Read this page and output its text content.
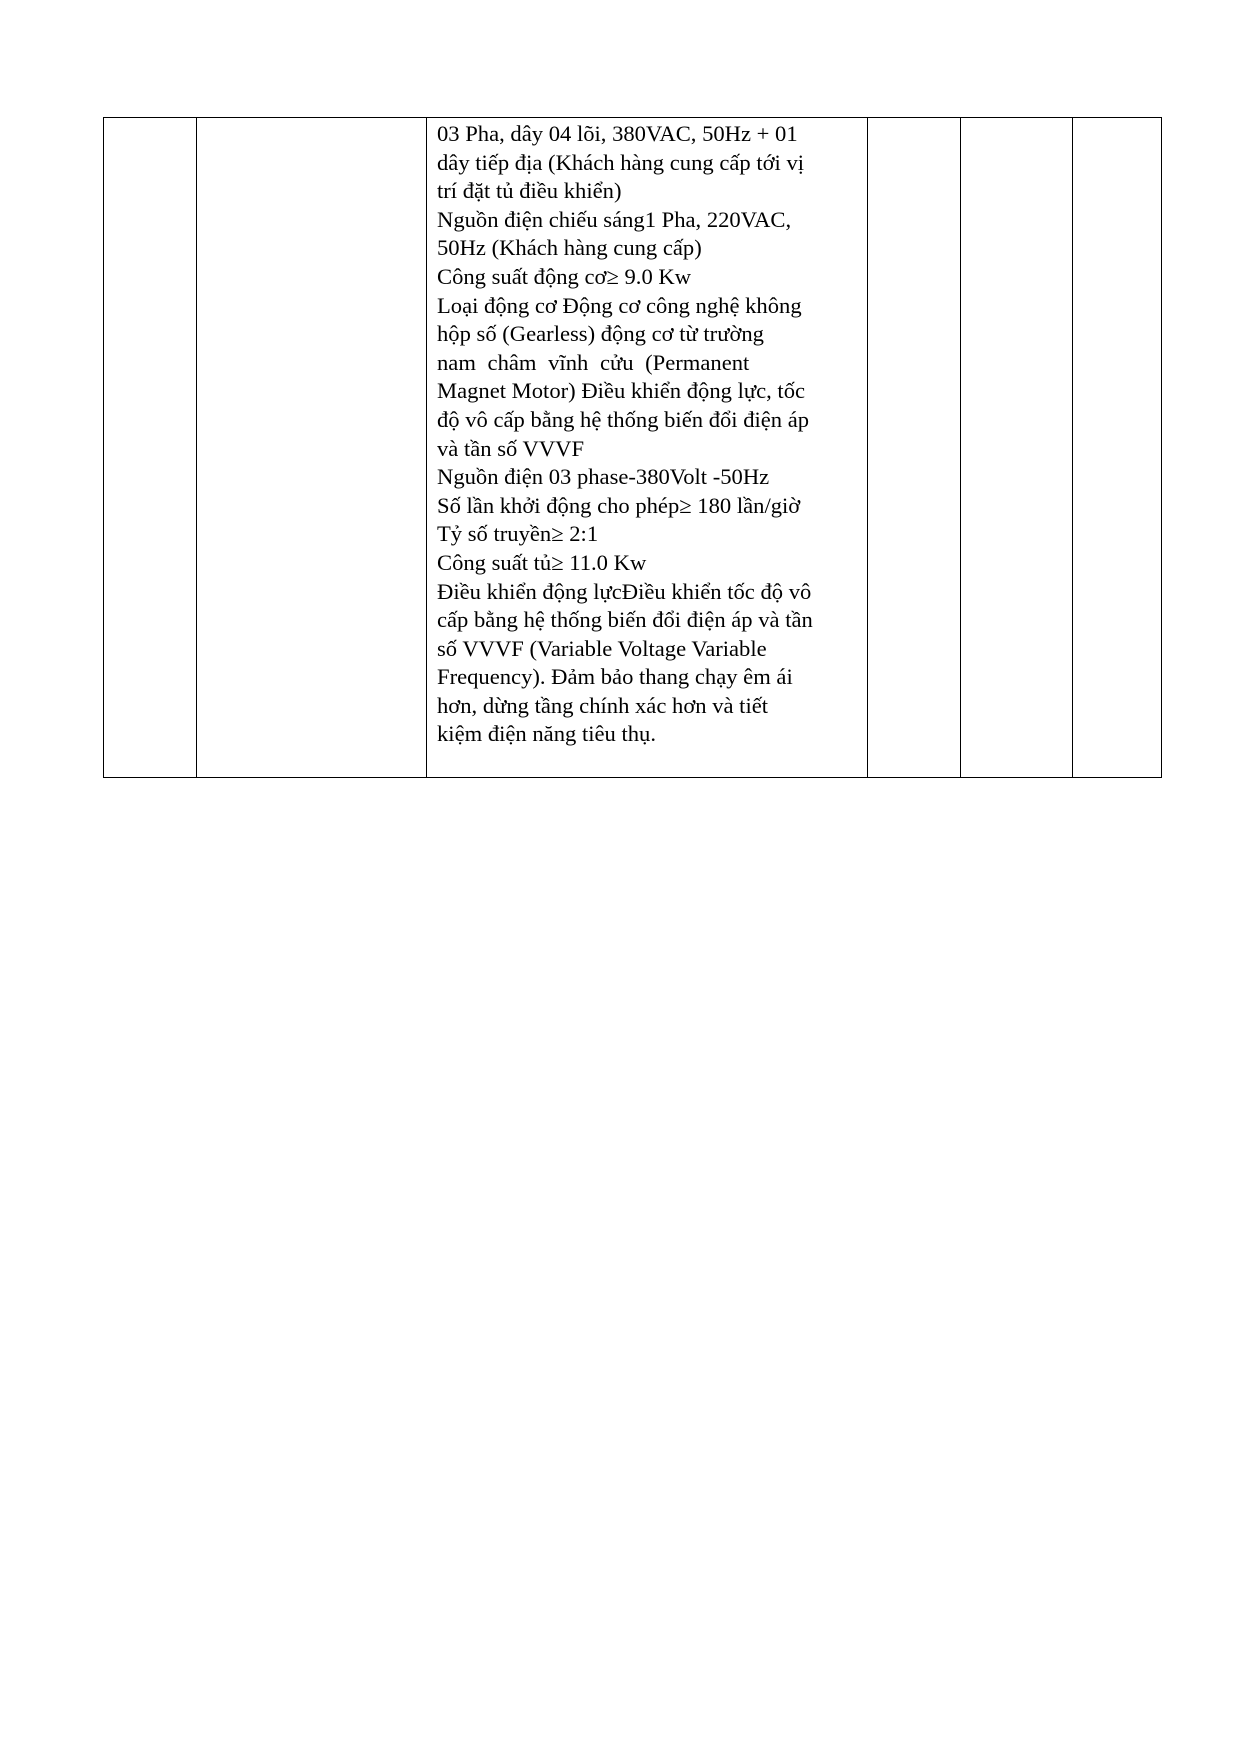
03 Pha, dây 04 lõi, 380VAC, 50Hz + 01
dây tiếp địa (Khách hàng cung cấp tới vị
trí đặt tủ điều khiển)
Nguồn điện chiếu sáng1 Pha, 220VAC,
50Hz (Khách hàng cung cấp)
Công suất động cơ≥ 9.0 Kw
Loại động cơ Động cơ công nghệ không
hộp số (Gearless) động cơ từ trường
nam châm vĩnh cửu (Permanent
Magnet Motor) Điều khiển động lực, tốc
độ vô cấp bằng hệ thống biến đổi điện áp
và tần số VVVF
Nguồn điện 03 phase-380Volt -50Hz
Số lần khởi động cho phép≥ 180 lần/giờ
Tỷ số truyền≥ 2:1
Công suất tủ≥ 11.0 Kw
Điều khiển động lựcĐiều khiển tốc độ vô
cấp bằng hệ thống biến đổi điện áp và tần
số VVVF (Variable Voltage Variable
Frequency). Đảm bảo thang chạy êm ái
hơn, dừng tầng chính xác hơn và tiết
kiệm điện năng tiêu thụ.
